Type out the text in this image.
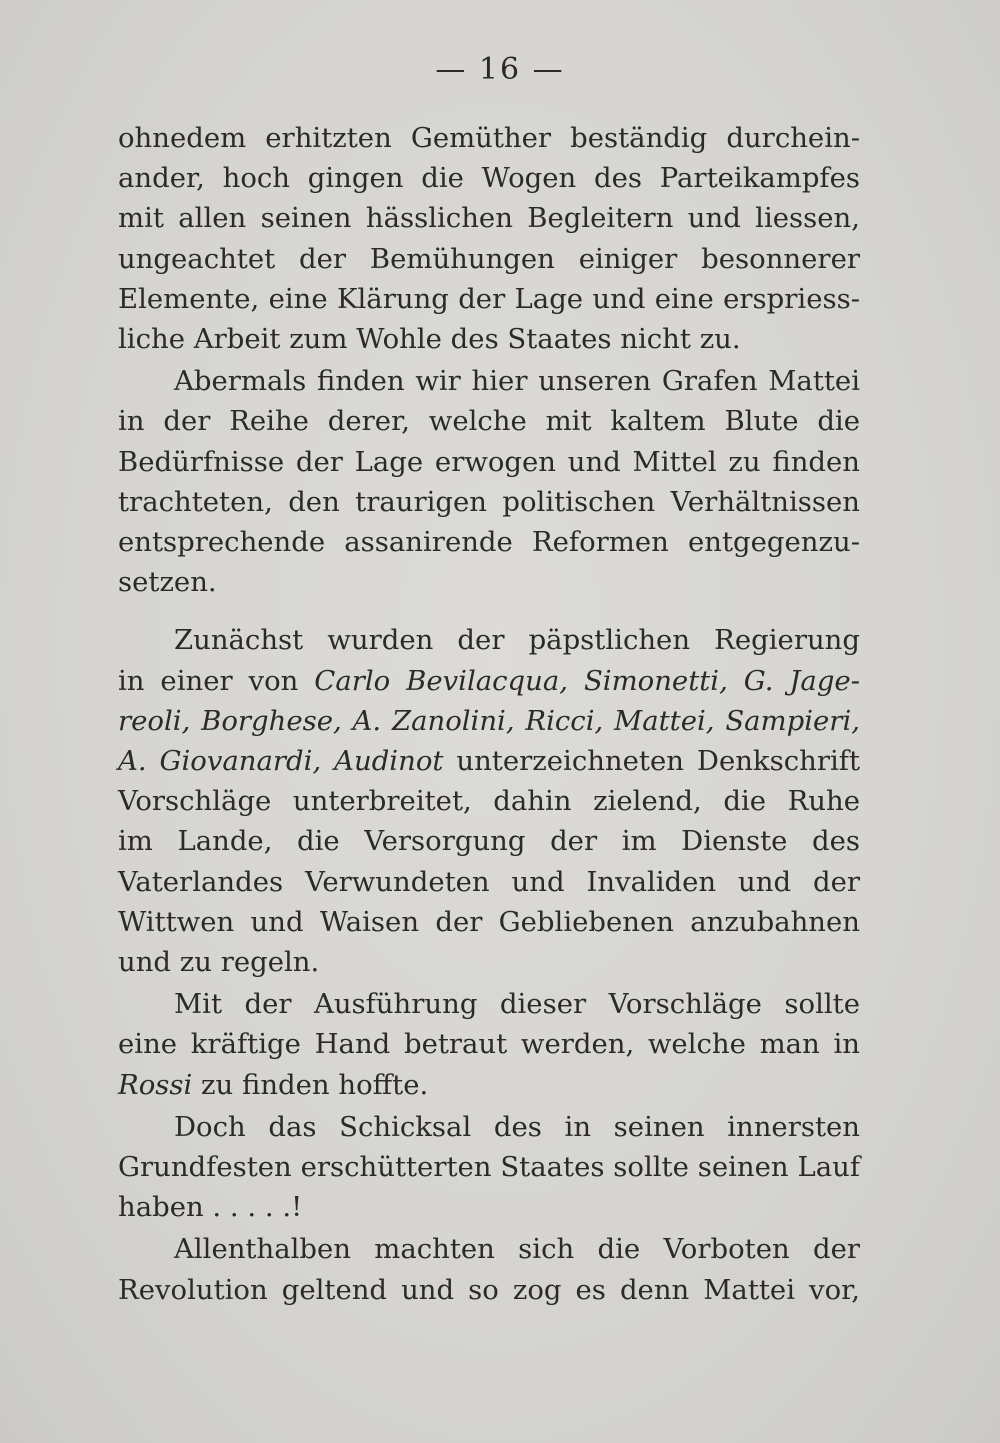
— 16 —

ohnedem erhitzten Gemüther beständig durchein-
ander, hoch gingen die Wogen des Parteikampfes
mit allen seinen hässlichen Begleitern und liessen,
ungeachtet der Bemühungen einiger besonnerer
Elemente, eine Klärung der Lage und eine erspriess-
liche Arbeit zum Wohle des Staates nicht zu.

Abermals finden wir hier unseren Grafen Mattei
in der Reihe derer, welche mit kaltem Blute die
Bedürfnisse der Lage erwogen und Mittel zu finden
trachteten, den traurigen politischen Verhältnissen
entsprechende assanirende Reformen entgegenzu-
setzen.

Zunächst wurden der päpstlichen Regierung
in einer von Carlo Bevilacqua, Simonetti, G. Jage-
reoli, Borghese, A. Zanolini, Ricci, Mattei, Sampieri,
A. Giovanardi, Audinot unterzeichneten Denkschrift
Vorschläge unterbreitet, dahin zielend, die Ruhe
im Lande, die Versorgung der im Dienste des
Vaterlandes Verwundeten und Invaliden und der
Wittwen und Waisen der Gebliebenen anzubahnen
und zu regeln.

Mit der Ausführung dieser Vorschläge sollte
eine kräftige Hand betraut werden, welche man in
Rossi zu finden hoffte.

Doch das Schicksal des in seinen innersten
Grundfesten erschütterten Staates sollte seinen Lauf
haben . . . . .!

Allenthalben machten sich die Vorboten der
Revolution geltend und so zog es denn Mattei vor,
